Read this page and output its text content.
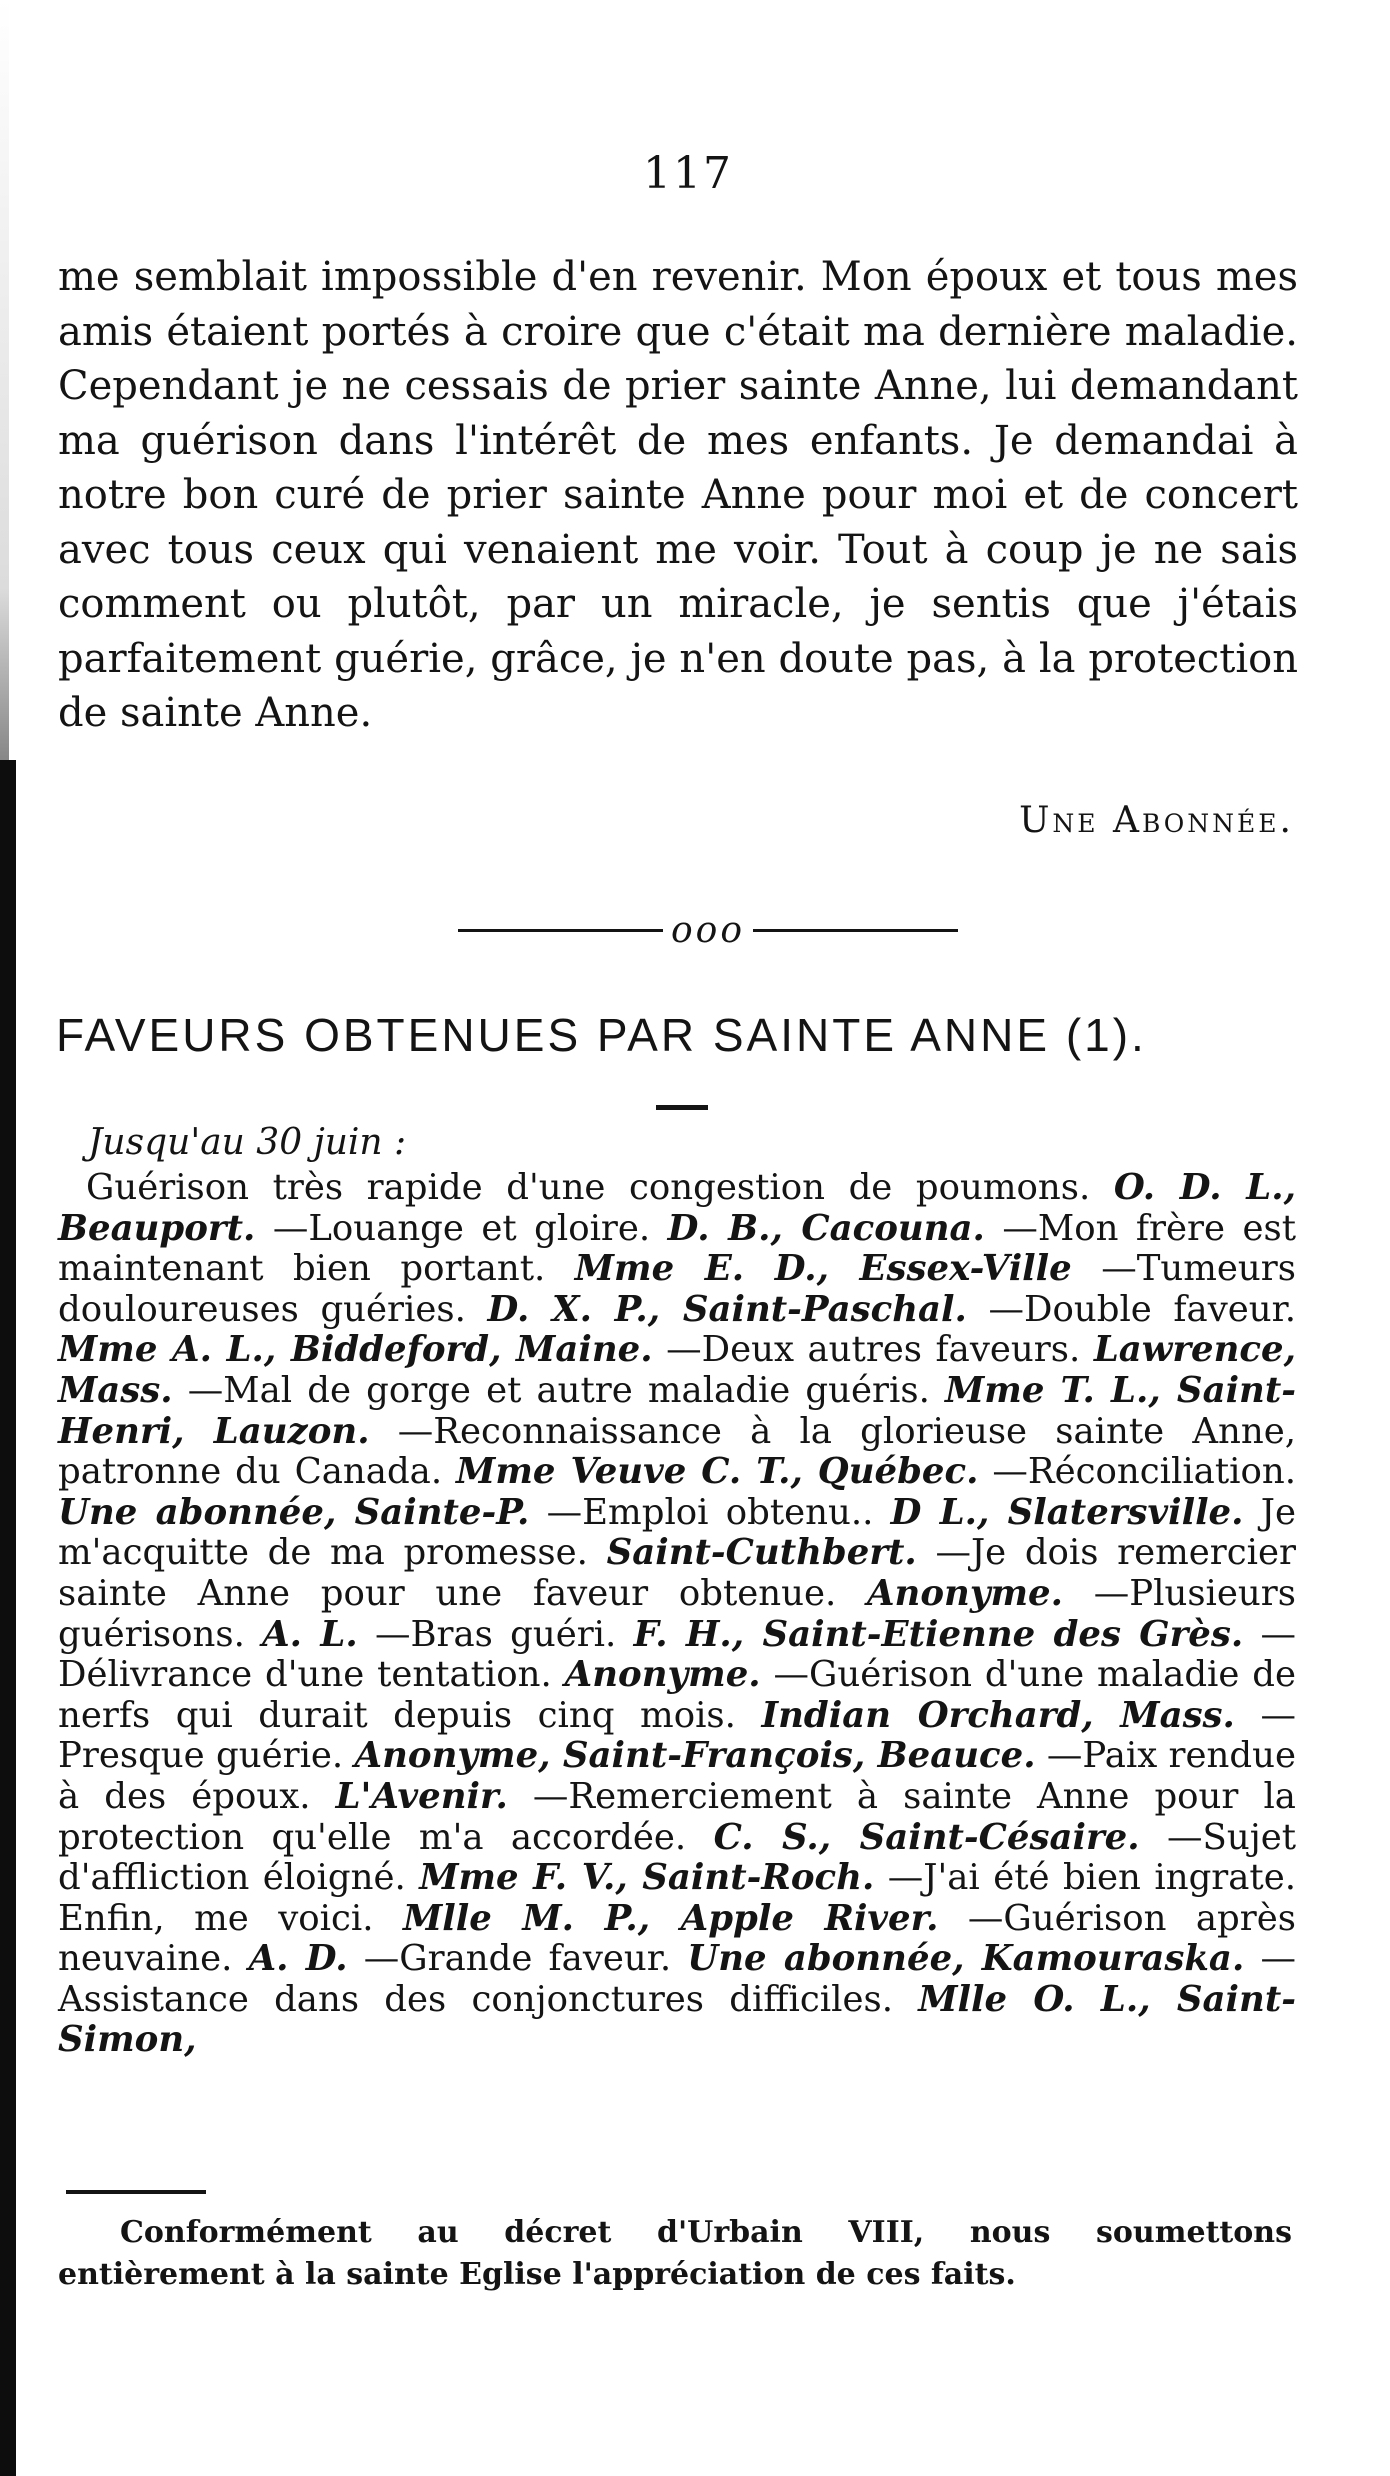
117

me semblait impossible d'en revenir. Mon époux et tous mes amis étaient portés à croire que c'était ma dernière maladie. Cependant je ne cessais de prier sainte Anne, lui demandant ma guérison dans l'intérêt de mes enfants. Je demandai à notre bon curé de prier sainte Anne pour moi et de concert avec tous ceux qui venaient me voir. Tout à coup je ne sais comment ou plutôt, par un miracle, je sentis que j'étais parfaitement guérie, grâce, je n'en doute pas, à la protection de sainte Anne.

Une Abonnée.
ooo
FAVEURS OBTENUES PAR SAINTE ANNE (1).
Jusqu'au 30 juin :

Guérison très rapide d'une congestion de poumons. O. D. L., Beauport. —Louange et gloire. D. B., Cacouna. —Mon frère est maintenant bien portant. Mme E. D., Essex-Ville —Tumeurs douloureuses guéries. D. X. P., Saint-Paschal. —Double faveur. Mme A. L., Biddeford, Maine. —Deux autres faveurs. Lawrence, Mass. —Mal de gorge et autre maladie guéris. Mme T. L., Saint-Henri, Lauzon. —Reconnaissance à la glorieuse sainte Anne, patronne du Canada. Mme Veuve C. T., Québec. —Réconciliation. Une abonnée, Sainte-P. —Emploi obtenu.. D L., Slatersville. Je m'acquitte de ma promesse. Saint-Cuthbert. —Je dois remercier sainte Anne pour une faveur obtenue. Anonyme. —Plusieurs guérisons. A. L. —Bras guéri. F. H., Saint-Etienne des Grès. —Délivrance d'une tentation. Anonyme. —Guérison d'une maladie de nerfs qui durait depuis cinq mois. Indian Orchard, Mass. —Presque guérie. Anonyme, Saint-François, Beauce. —Paix rendue à des époux. L'Avenir. —Remerciement à sainte Anne pour la protection qu'elle m'a accordée. C. S., Saint-Césaire. —Sujet d'affliction éloigné. Mme F. V., Saint-Roch. —J'ai été bien ingrate. Enfin, me voici. Mlle M. P., Apple River. —Guérison après neuvaine. A. D. —Grande faveur. Une abonnée, Kamouraska. —Assistance dans des conjonctures difficiles. Mlle O. L., Saint-Simon,

Conformément au décret d'Urbain VIII, nous soumettons entièrement à la sainte Eglise l'appréciation de ces faits.
